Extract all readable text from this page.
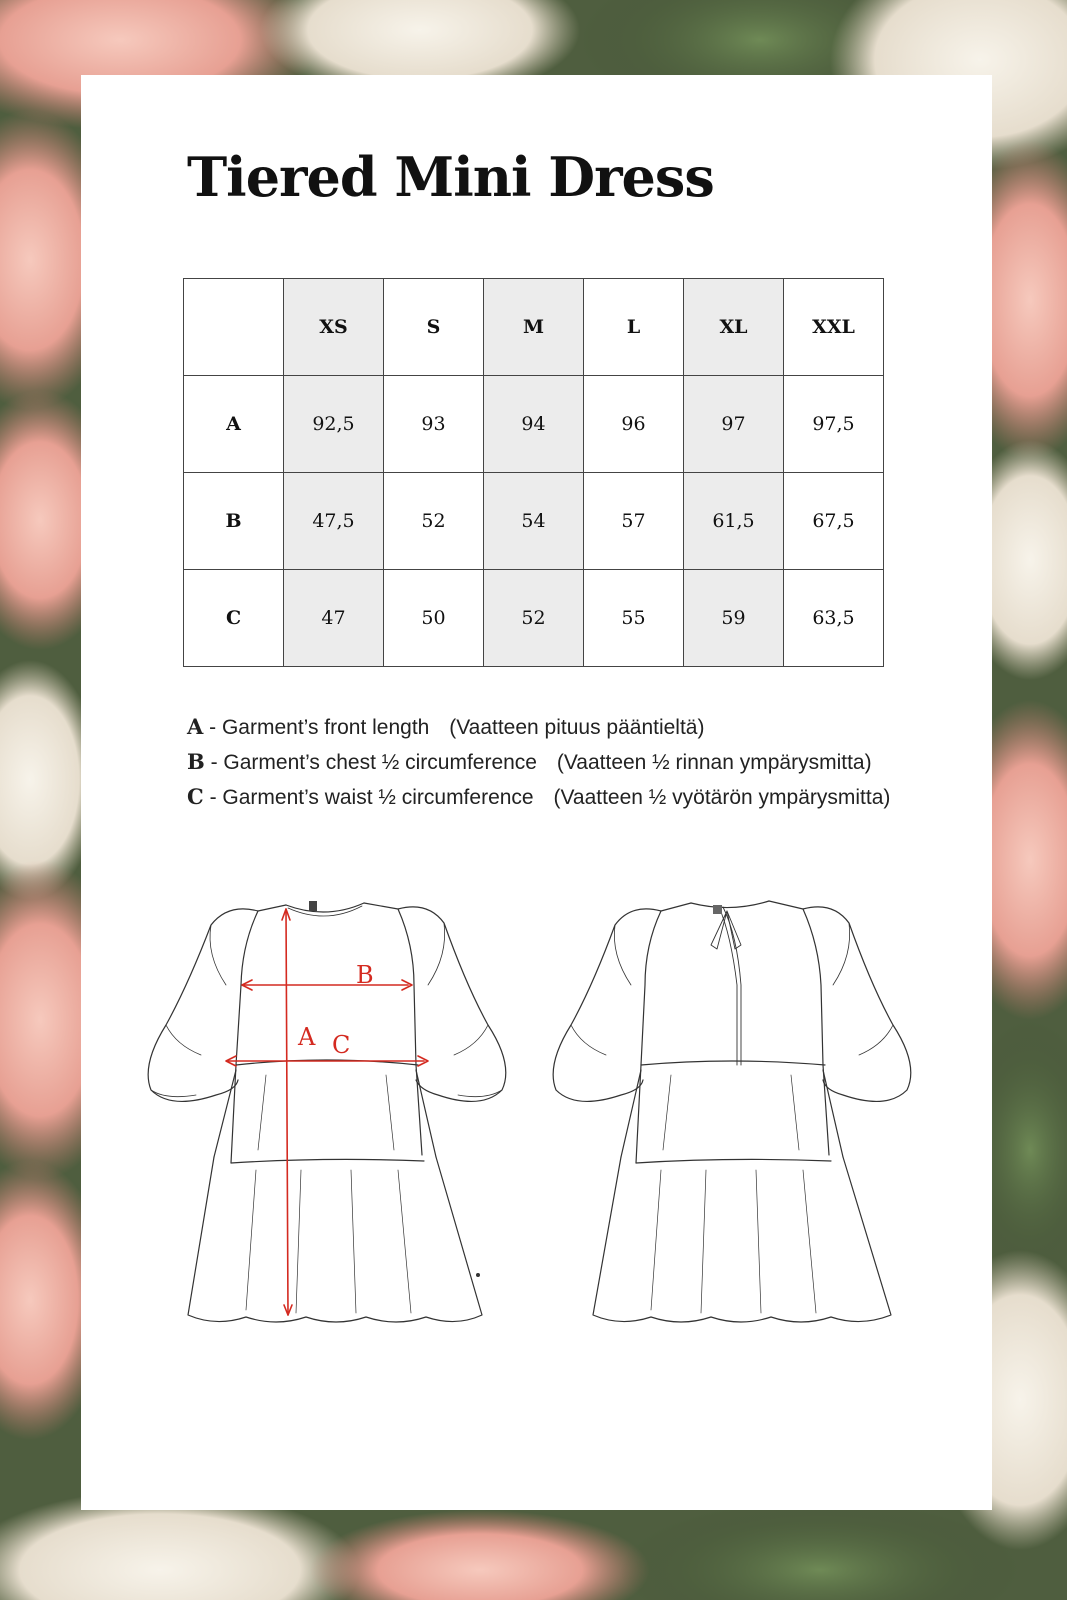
Tiered Mini Dress
	XS	S	M	L	XL	XXL
A	92,5	93	94	96	97	97,5
B	47,5	52	54	57	61,5	67,5
C	47	50	52	55	59	63,5
A - Garment’s front length (Vaatteen pituus pääntieltä)
B - Garment’s chest ½ circumference (Vaatteen ½ rinnan ympärysmitta)
C - Garment’s waist ½ circumference (Vaatteen ½ vyötärön ympärysmitta)
A
B
C
